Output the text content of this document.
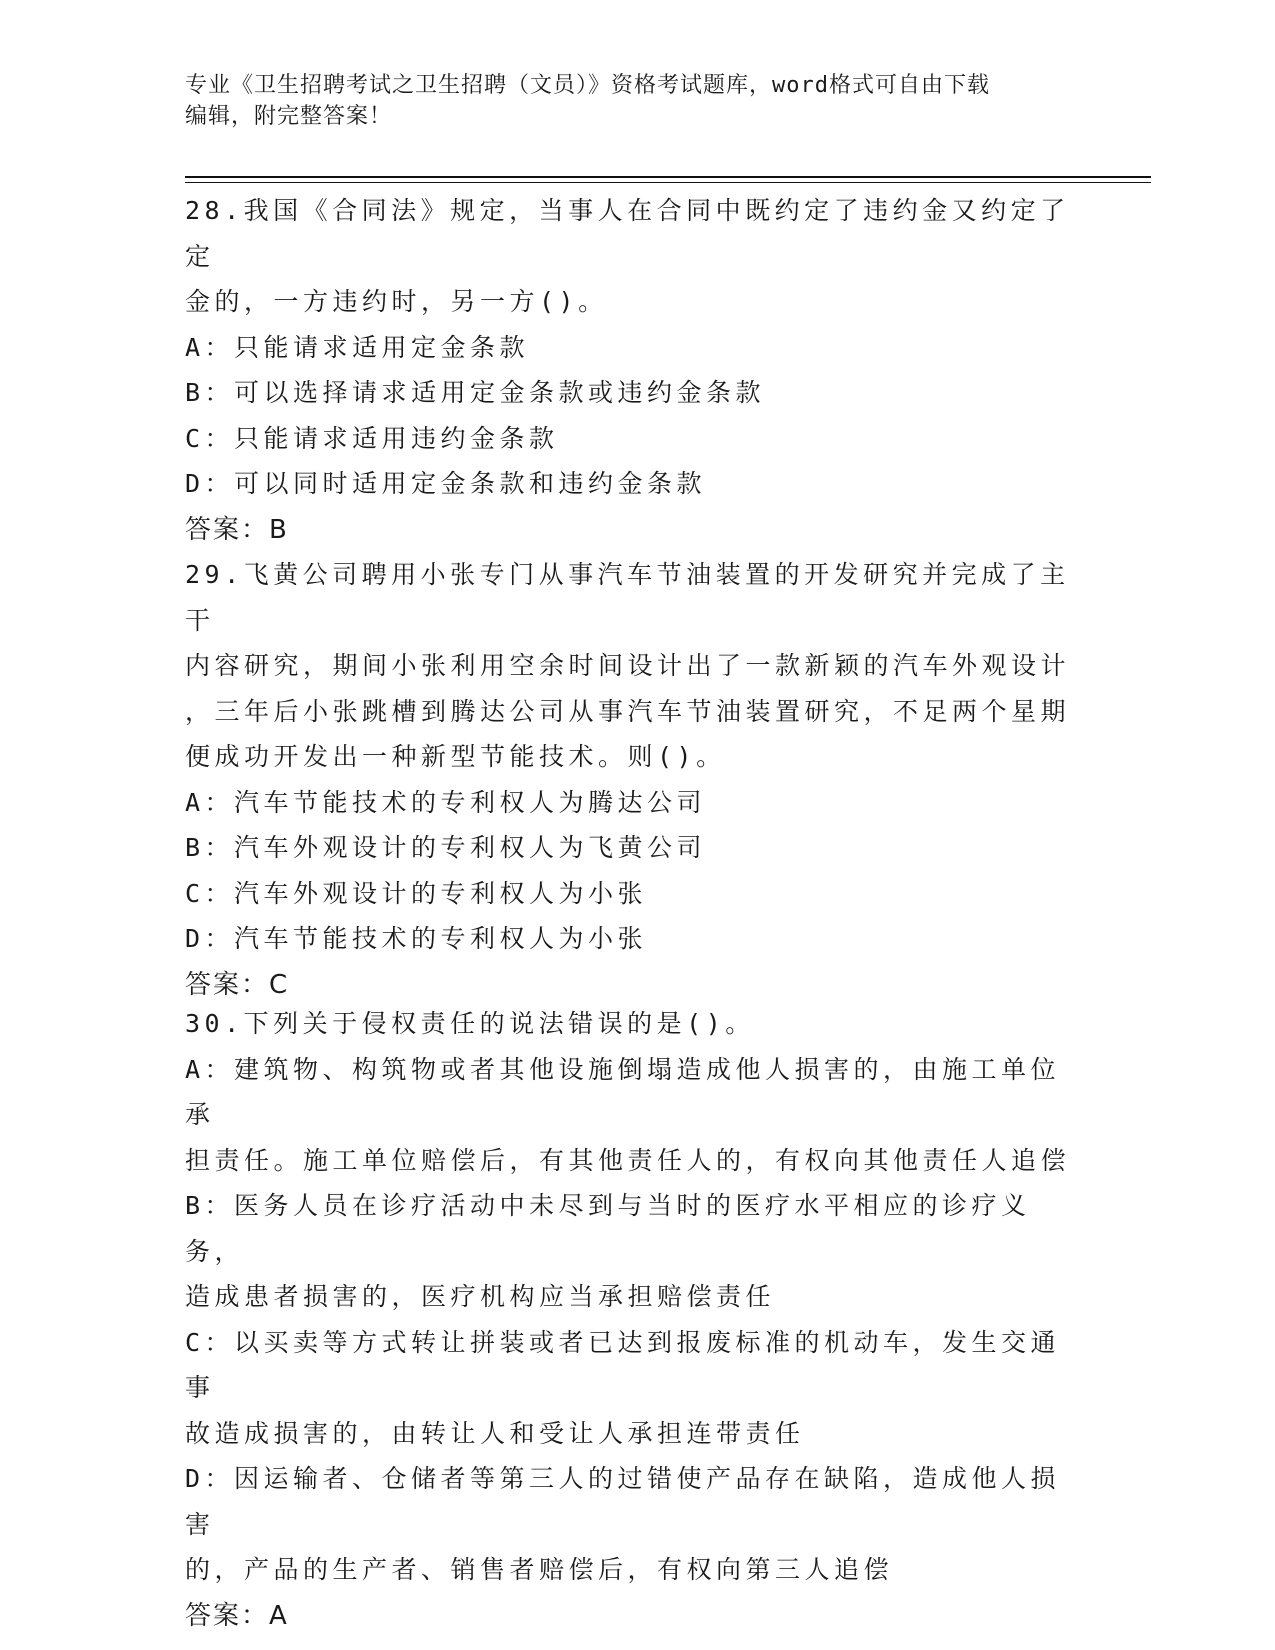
专业《卫生招聘考试之卫生招聘（文员）》资格考试题库，word格式可自由下载
编辑，附完整答案！
28.我国《合同法》规定，当事人在合同中既约定了违约金又约定了定
金的，一方违约时，另一方()。
A：只能请求适用定金条款
B：可以选择请求适用定金条款或违约金条款
C：只能请求适用违约金条款
D：可以同时适用定金条款和违约金条款
答案：B
29.飞黄公司聘用小张专门从事汽车节油装置的开发研究并完成了主干
内容研究，期间小张利用空余时间设计出了一款新颖的汽车外观设计
，三年后小张跳槽到腾达公司从事汽车节油装置研究，不足两个星期
便成功开发出一种新型节能技术。则()。
A：汽车节能技术的专利权人为腾达公司
B：汽车外观设计的专利权人为飞黄公司
C：汽车外观设计的专利权人为小张
D：汽车节能技术的专利权人为小张
答案：C
30.下列关于侵权责任的说法错误的是()。
A：建筑物、构筑物或者其他设施倒塌造成他人损害的，由施工单位承
担责任。施工单位赔偿后，有其他责任人的，有权向其他责任人追偿
B：医务人员在诊疗活动中未尽到与当时的医疗水平相应的诊疗义务，
造成患者损害的，医疗机构应当承担赔偿责任
C：以买卖等方式转让拼装或者已达到报废标准的机动车，发生交通事
故造成损害的，由转让人和受让人承担连带责任
D：因运输者、仓储者等第三人的过错使产品存在缺陷，造成他人损害
的，产品的生产者、销售者赔偿后，有权向第三人追偿
答案：A
